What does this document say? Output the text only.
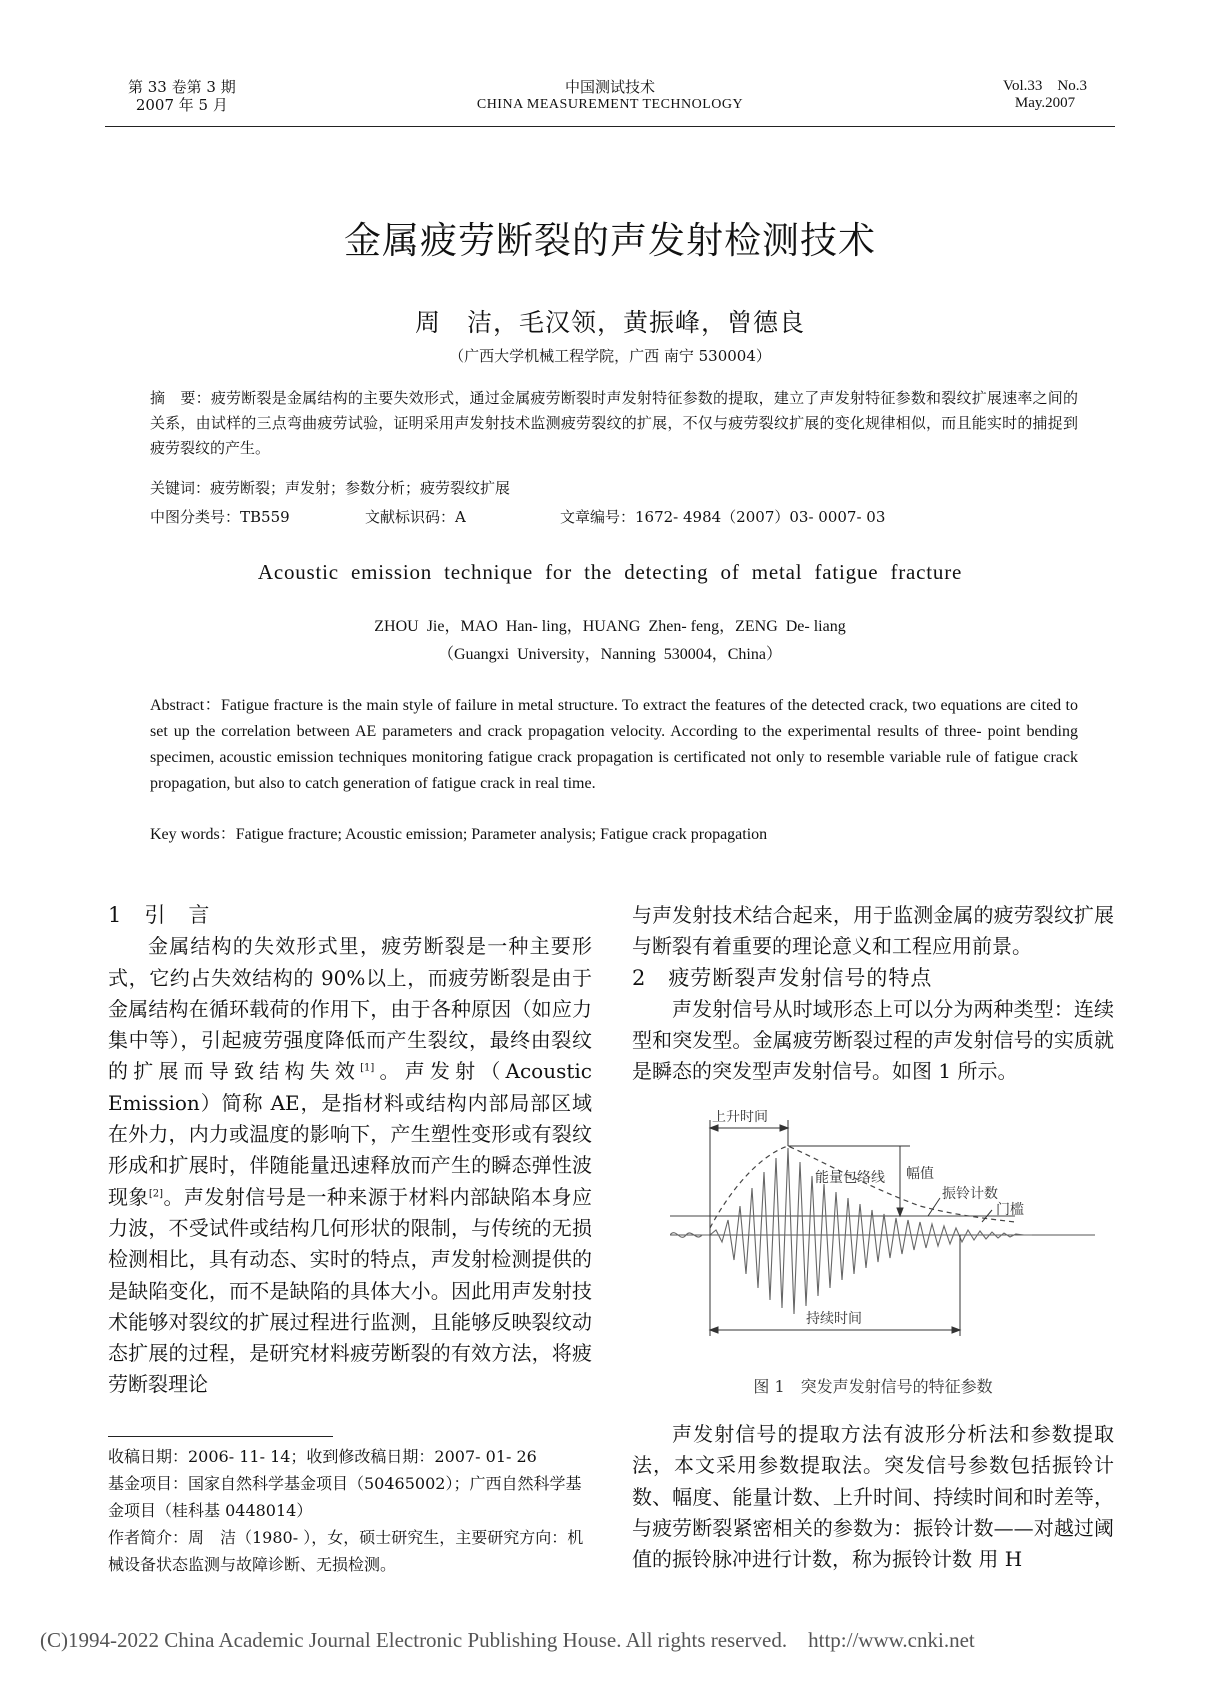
第 33 卷第 3 期
2007 年 5 月
中国测试技术
CHINA MEASUREMENT TECHNOLOGY
Vol.33    No.3
May.2007
金属疲劳断裂的声发射检测技术
周　洁，毛汉领，黄振峰，曾德良
（广西大学机械工程学院，广西 南宁 530004）
摘　要：疲劳断裂是金属结构的主要失效形式，通过金属疲劳断裂时声发射特征参数的提取，建立了声发射特征参数和裂纹扩展速率之间的关系，由试样的三点弯曲疲劳试验，证明采用声发射技术监测疲劳裂纹的扩展，不仅与疲劳裂纹扩展的变化规律相似，而且能实时的捕捉到疲劳裂纹的产生。
关键词：疲劳断裂；声发射；参数分析；疲劳裂纹扩展
中图分类号：TB559	文献标识码：A	文章编号：1672- 4984（2007）03- 0007- 03
Acoustic  emission  technique  for  the  detecting  of  metal  fatigue  fracture
ZHOU  Jie，MAO  Han- ling，HUANG  Zhen- feng，ZENG  De- liang
（Guangxi  University，Nanning  530004，China）
Abstract：Fatigue fracture is the main style of failure in metal structure. To extract the features of the detected crack, two equations are cited to set up the correlation between AE parameters and crack propagation velocity. According to the experimental results of three- point bending specimen, acoustic emission techniques monitoring fatigue crack propagation is certificated not only to resemble variable rule of fatigue crack propagation, but also to catch generation of fatigue crack in real time.
Key words：Fatigue fracture; Acoustic emission; Parameter analysis; Fatigue crack propagation
1　引　言
金属结构的失效形式里，疲劳断裂是一种主要形式，它约占失效结构的 90%以上，而疲劳断裂是由于金属结构在循环载荷的作用下，由于各种原因（如应力集中等），引起疲劳强度降低而产生裂纹，最终由裂纹的扩展而导致结构失效[1]。声发射（Acoustic Emission）简称 AE，是指材料或结构内部局部区域在外力，内力或温度的影响下，产生塑性变形或有裂纹形成和扩展时，伴随能量迅速释放而产生的瞬态弹性波现象[2]。声发射信号是一种来源于材料内部缺陷本身应力波，不受试件或结构几何形状的限制，与传统的无损检测相比，具有动态、实时的特点，声发射检测提供的是缺陷变化，而不是缺陷的具体大小。因此用声发射技术能够对裂纹的扩展过程进行监测，且能够反映裂纹动态扩展的过程，是研究材料疲劳断裂的有效方法，将疲劳断裂理论
收稿日期：2006- 11- 14；收到修改稿日期：2007- 01- 26
基金项目：国家自然科学基金项目（50465002）；广西自然科学基金项目（桂科基 0448014）
作者简介：周　洁（1980- ），女，硕士研究生，主要研究方向：机械设备状态监测与故障诊断、无损检测。
与声发射技术结合起来，用于监测金属的疲劳裂纹扩展与断裂有着重要的理论意义和工程应用前景。
2　疲劳断裂声发射信号的特点
声发射信号从时域形态上可以分为两种类型：连续型和突发型。金属疲劳断裂过程的声发射信号的实质就是瞬态的突发型声发射信号。如图 1 所示。
上升时间
能量包络线 幅值
振铃计数
门槛
持续时间
图 1　突发声发射信号的特征参数
声发射信号的提取方法有波形分析法和参数提取法，本文采用参数提取法。突发信号参数包括振铃计数、幅度、能量计数、上升时间、持续时间和时差等，与疲劳断裂紧密相关的参数为：振铃计数——对越过阈值的振铃脉冲进行计数，称为振铃计数 用 H
(C)1994-2022 China Academic Journal Electronic Publishing House. All rights reserved.    http://www.cnki.net
